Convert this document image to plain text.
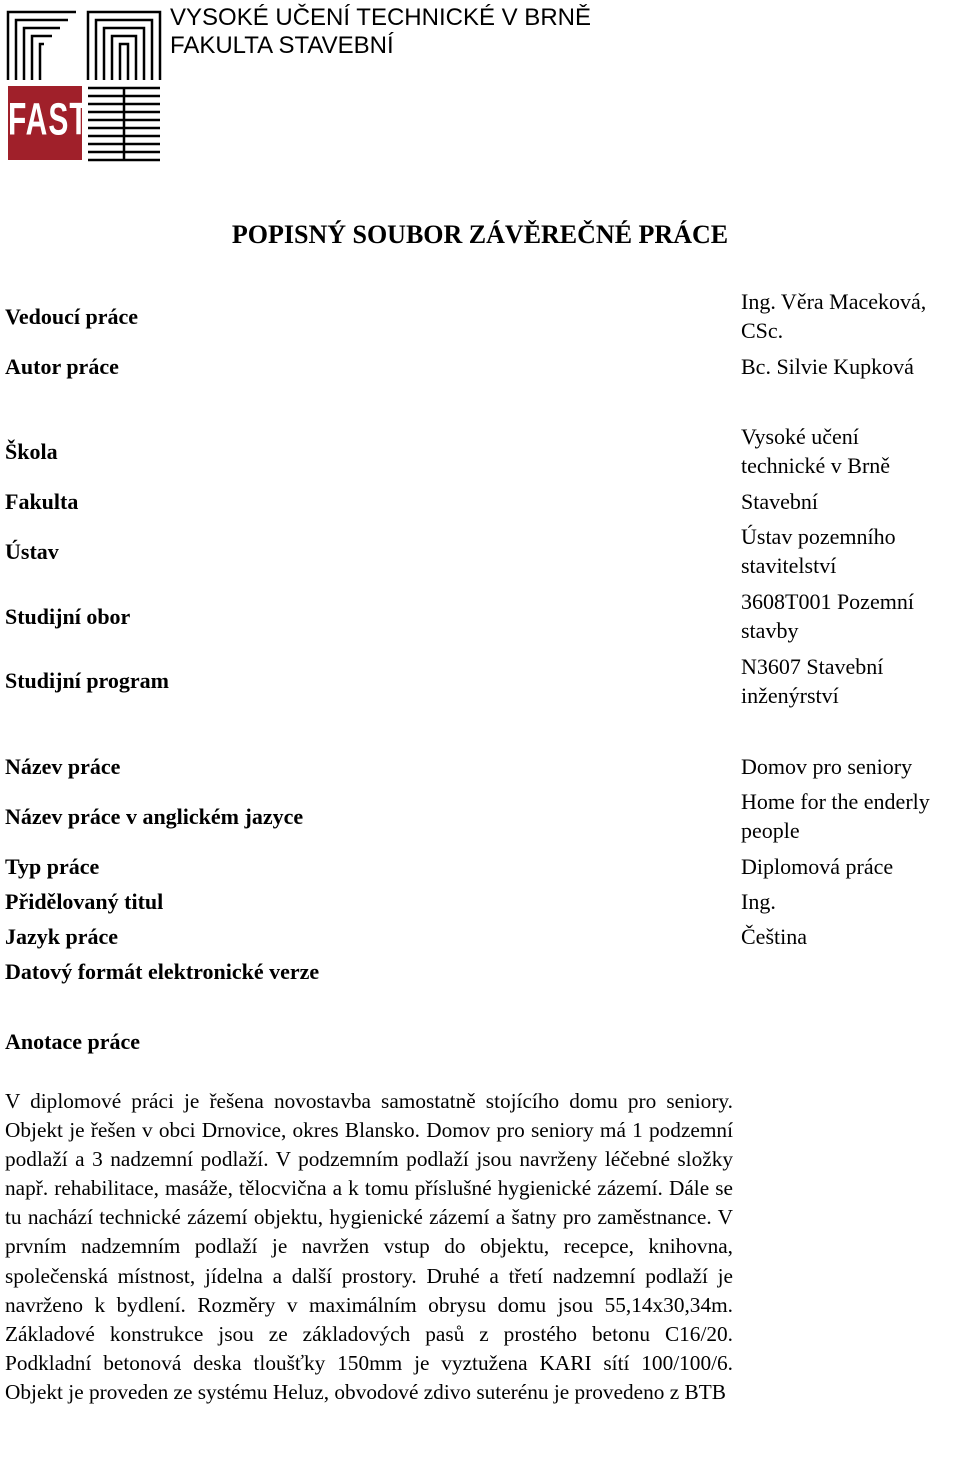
FAST
VYSOKÉ UČENÍ TECHNICKÉ V BRNĚ
FAKULTA STAVEBNÍ
POPISNÝ SOUBOR ZÁVĚREČNÉ PRÁCE
Vedoucí práce
Autor práce
Škola
Fakulta
Ústav
Studijní obor
Studijní program
Název práce
Název práce v anglickém jazyce
Typ práce
Přidělovaný titul
Jazyk práce
Datový formát elektronické verze
Ing. Věra Maceková, CSc.
Bc. Silvie Kupková
Vysoké učení technické v Brně
Stavební
Ústav pozemního stavitelství
3608T001 Pozemní stavby
N3607 Stavební inženýrství
Domov pro seniory
Home for the enderly people
Diplomová práce
Ing.
Čeština
Anotace práce
V diplomové práci je řešena novostavba samostatně stojícího domu pro seniory. Objekt je řešen v obci Drnovice, okres Blansko. Domov pro seniory má 1 podzemní podlaží a 3 nadzemní podlaží. V podzemním podlaží jsou navrženy léčebné složky např. rehabilitace, masáže, tělocvična a k tomu příslušné hygienické zázemí. Dále se tu nachází technické zázemí objektu, hygienické zázemí a šatny pro zaměstnance. V prvním nadzemním podlaží je navržen vstup do objektu, recepce, knihovna, společenská místnost, jídelna a další prostory. Druhé a třetí nadzemní podlaží je navrženo k bydlení. Rozměry v maximálním obrysu domu jsou 55,14x30,34m. Základové konstrukce jsou ze základových pasů z prostého betonu C16/20. Podkladní betonová deska tloušťky 150mm je vyztužena KARI sítí 100/100/6. Objekt je proveden ze systému Heluz, obvodové zdivo suterénu je provedeno z BTB
